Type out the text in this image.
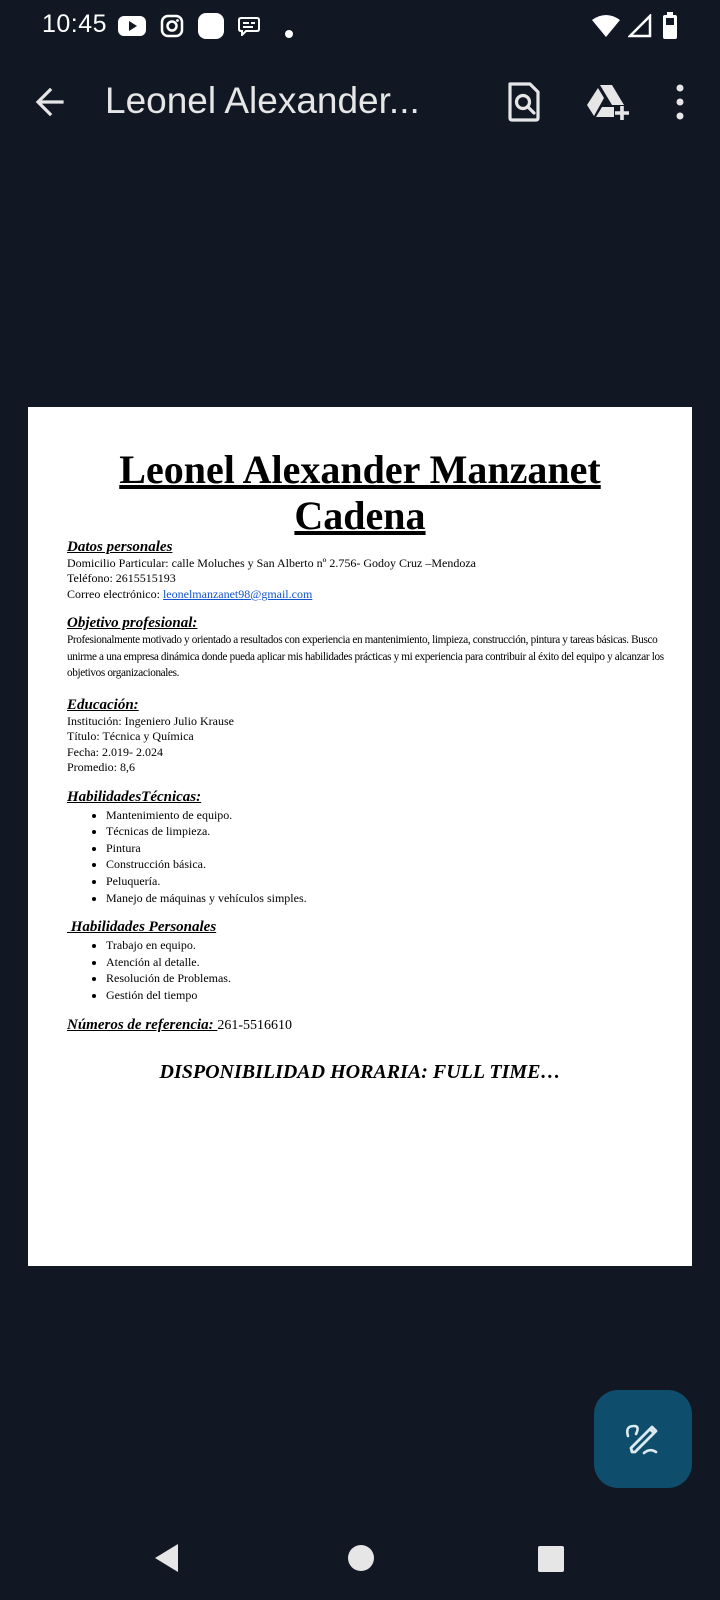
10:45
Leonel Alexander...
Leonel Alexander Manzanet
Cadena
Datos personales
Domicilio Particular: calle Moluches y San Alberto nº 2.756- Godoy Cruz –Mendoza
Teléfono: 2615515193
Correo electrónico: leonelmanzanet98@gmail.com
Objetivo profesional:
Profesionalmente motivado y orientado a resultados con experiencia en mantenimiento, limpieza, construcción, pintura y tareas básicas. Busco unirme a una empresa dinámica donde pueda aplicar mis habilidades prácticas y mi experiencia para contribuir al éxito del equipo y alcanzar los objetivos organizacionales.
Educación:
Institución: Ingeniero Julio Krause
Título: Técnica y Química
Fecha: 2.019- 2.024
Promedio: 8,6
HabilidadesTécnicas:
• Mantenimiento de equipo.
• Técnicas de limpieza.
• Pintura
• Construcción básica.
• Peluquería.
• Manejo de máquinas y vehículos simples.
Habilidades Personales
• Trabajo en equipo.
• Atención al detalle.
• Resolución de Problemas.
• Gestión del tiempo
Números de referencia: 261-5516610
DISPONIBILIDAD HORARIA: FULL TIME…
